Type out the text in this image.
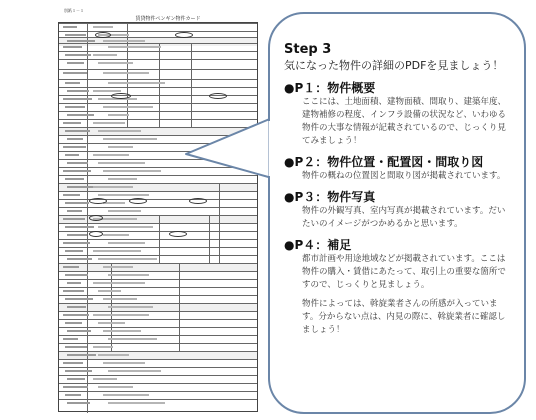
別紙１－１
賃貸物件ペンギン物件カード
Step 3
気になった物件の詳細のPDFを見ましょう！
●P１：物件概要

ここには、土地面積、建物面積、間取り、建築年度、建物補修の程度、インフラ設備の状況など、いわゆる物件の大事な情報が記載されているので、じっくり見てみましょう！

●P２：物件位置・配置図・間取り図

物件の概ねの位置図と間取り図が掲載されています。

●P３：物件写真

物件の外観写真、室内写真が掲載されています。だいたいのイメージがつかめるかと思います。

●P４：補足

都市計画や用途地域などが掲載されています。ここは物件の購入・賃借にあたって、取引上の重要な箇所ですので、じっくりと見ましょう。

物件によっては、斡旋業者さんの所感が入っています。分からない点は、内見の際に、斡旋業者に確認しましょう！
